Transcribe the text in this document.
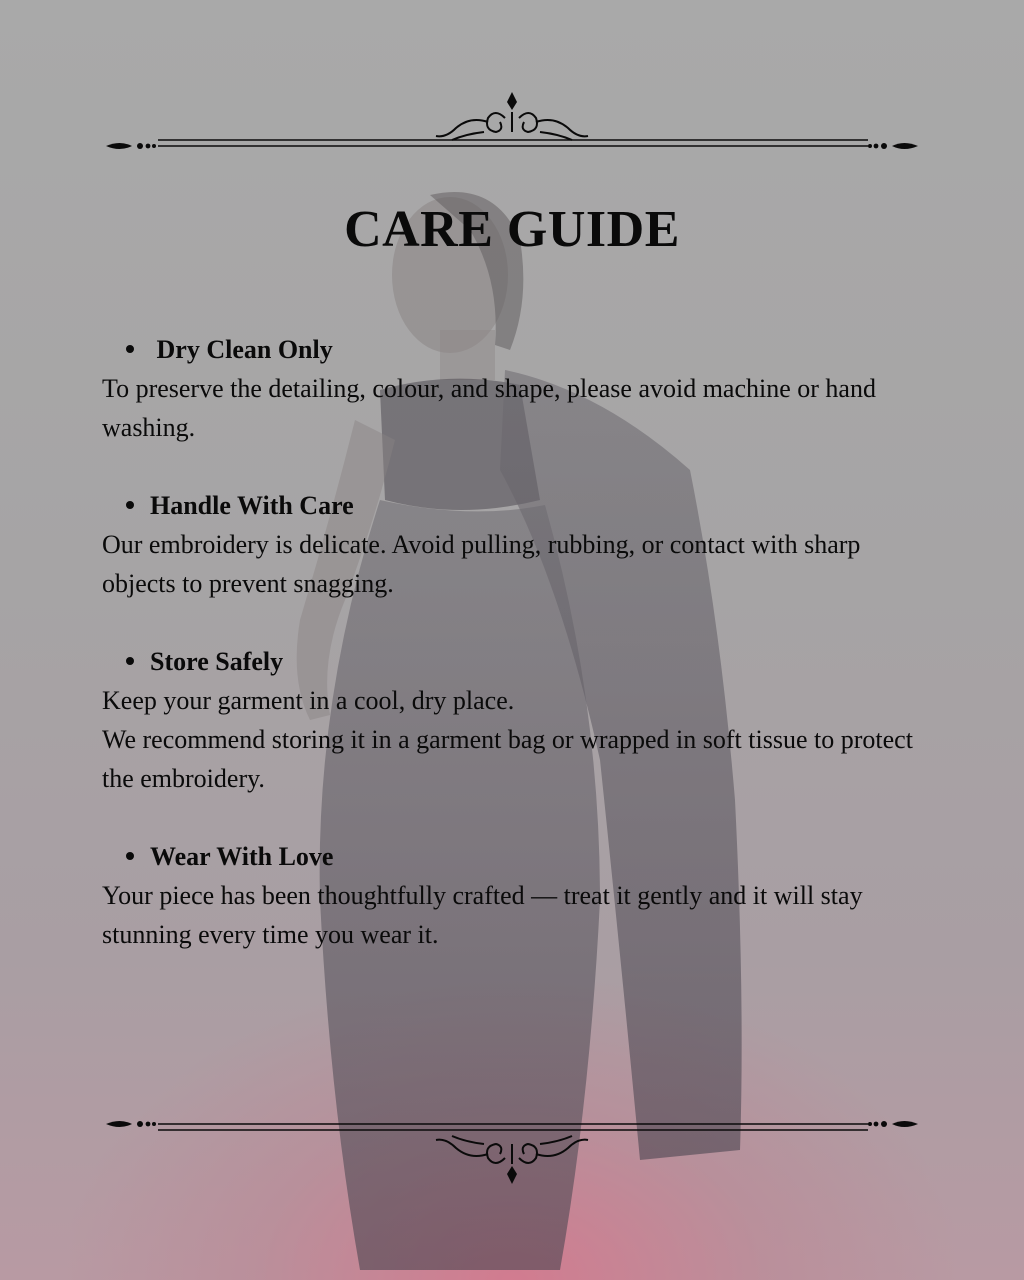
CARE GUIDE
Dry Clean Only

To preserve the detailing, colour, and shape, please avoid machine or hand washing.

Handle With Care

Our embroidery is delicate. Avoid pulling, rubbing, or contact with sharp objects to prevent snagging.

Store Safely

Keep your garment in a cool, dry place.

We recommend storing it in a garment bag or wrapped in soft tissue to protect the embroidery.

Wear With Love

Your piece has been thoughtfully crafted — treat it gently and it will stay stunning every time you wear it.
